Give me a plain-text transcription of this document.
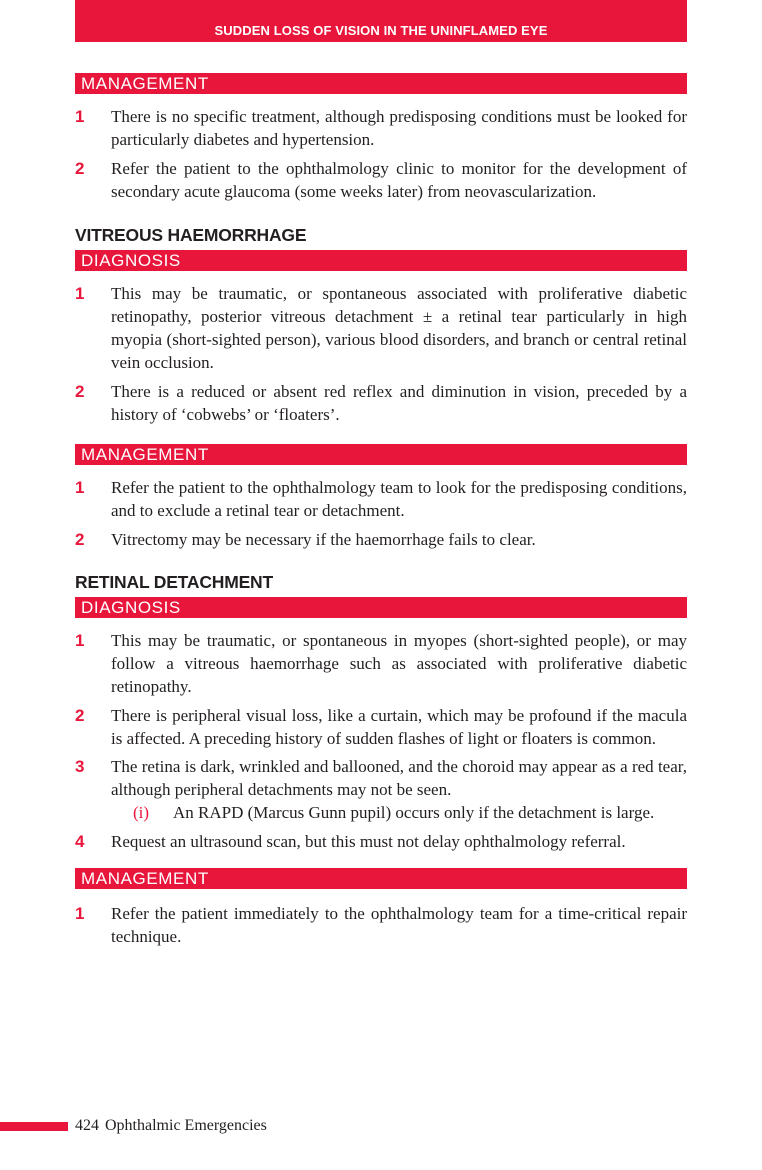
SUDDEN LOSS OF VISION IN THE UNINFLAMED EYE
MANAGEMENT
1	There is no specific treatment, although predisposing conditions must be looked for particularly diabetes and hypertension.
2	Refer the patient to the ophthalmology clinic to monitor for the development of secondary acute glaucoma (some weeks later) from neovascularization.
VITREOUS HAEMORRHAGE
DIAGNOSIS
1	This may be traumatic, or spontaneous associated with proliferative diabetic retinopathy, posterior vitreous detachment ± a retinal tear particularly in high myopia (short-sighted person), various blood disorders, and branch or central retinal vein occlusion.
2	There is a reduced or absent red reflex and diminution in vision, preceded by a history of ‘cobwebs’ or ‘floaters’.
MANAGEMENT
1	Refer the patient to the ophthalmology team to look for the predisposing conditions, and to exclude a retinal tear or detachment.
2	Vitrectomy may be necessary if the haemorrhage fails to clear.
RETINAL DETACHMENT
DIAGNOSIS
1	This may be traumatic, or spontaneous in myopes (short-sighted people), or may follow a vitreous haemorrhage such as associated with proliferative diabetic retinopathy.
2	There is peripheral visual loss, like a curtain, which may be profound if the macula is affected. A preceding history of sudden flashes of light or floaters is common.
3	The retina is dark, wrinkled and ballooned, and the choroid may appear as a red tear, although peripheral detachments may not be seen.
(i)	An RAPD (Marcus Gunn pupil) occurs only if the detachment is large.
4	Request an ultrasound scan, but this must not delay ophthalmology referral.
MANAGEMENT
1	Refer the patient immediately to the ophthalmology team for a time-critical repair technique.
424 Ophthalmic Emergencies
